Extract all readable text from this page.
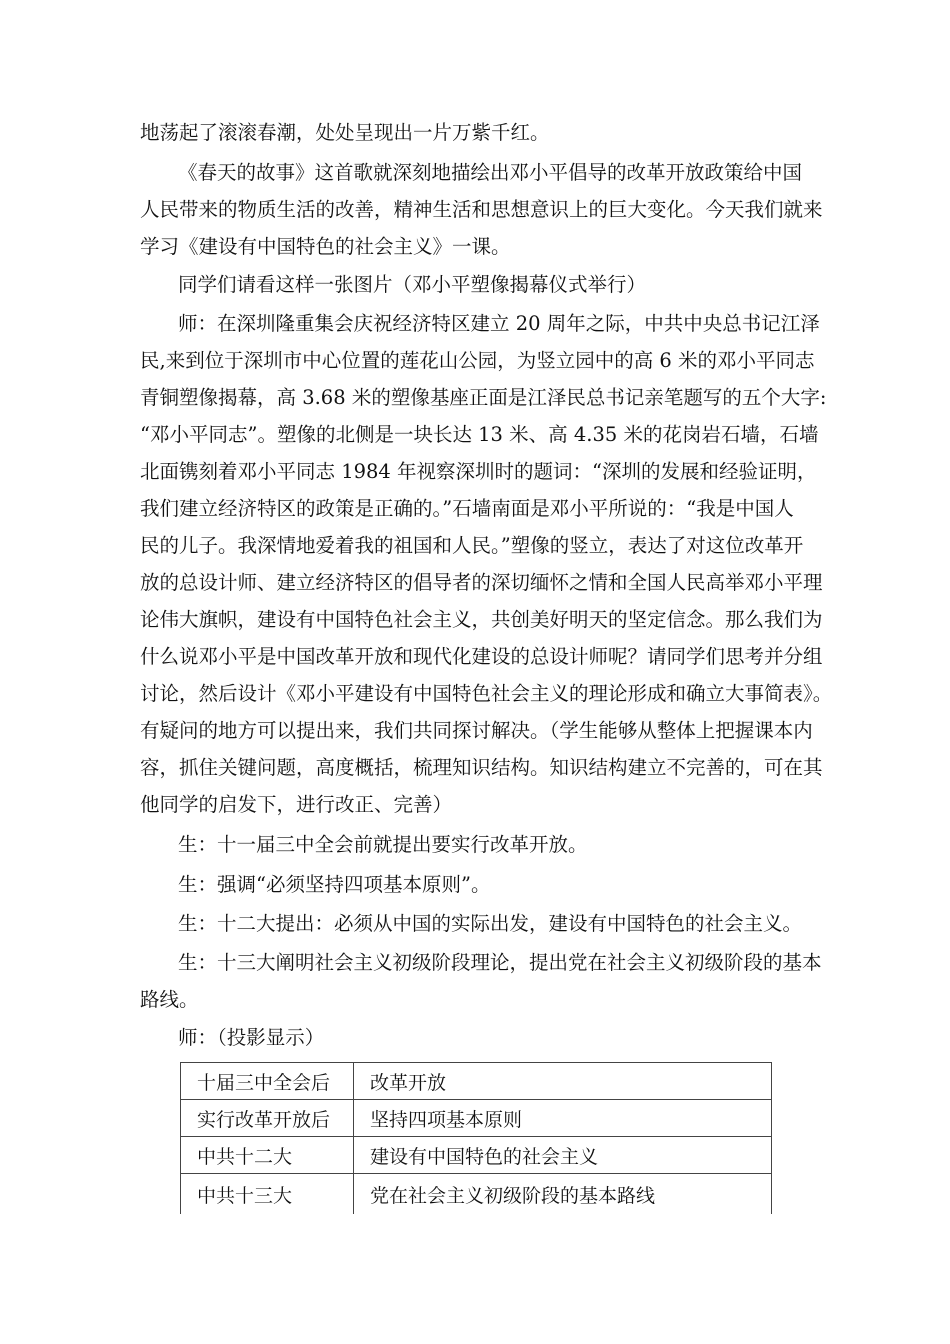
地荡起了滚滚春潮，处处呈现出一片万紫千红。
《春天的故事》这首歌就深刻地描绘出邓小平倡导的改革开放政策给中国
人民带来的物质生活的改善，精神生活和思想意识上的巨大变化。今天我们就来
学习《建设有中国特色的社会主义》一课。
同学们请看这样一张图片（邓小平塑像揭幕仪式举行）
师：在深圳隆重集会庆祝经济特区建立 20 周年之际，中共中央总书记江泽
民,来到位于深圳市中心位置的莲花山公园，为竖立园中的高 6 米的邓小平同志
青铜塑像揭幕，高 3.68 米的塑像基座正面是江泽民总书记亲笔题写的五个大字:
“邓小平同志”。塑像的北侧是一块长达 13 米、高 4.35 米的花岗岩石墙，石墙
北面镌刻着邓小平同志 1984 年视察深圳时的题词：“深圳的发展和经验证明，
我们建立经济特区的政策是正确的。”石墙南面是邓小平所说的：“我是中国人
民的儿子。我深情地爱着我的祖国和人民。”塑像的竖立，表达了对这位改革开
放的总设计师、建立经济特区的倡导者的深切缅怀之情和全国人民高举邓小平理
论伟大旗帜，建设有中国特色社会主义，共创美好明天的坚定信念。那么我们为
什么说邓小平是中国改革开放和现代化建设的总设计师呢？请同学们思考并分组
讨论，然后设计《邓小平建设有中国特色社会主义的理论形成和确立大事简表》。
有疑问的地方可以提出来，我们共同探讨解决。（学生能够从整体上把握课本内
容，抓住关键问题，高度概括，梳理知识结构。知识结构建立不完善的，可在其
他同学的启发下，进行改正、完善）
生：十一届三中全会前就提出要实行改革开放。
生：强调“必须坚持四项基本原则”。
生：十二大提出：必须从中国的实际出发，建设有中国特色的社会主义。
生：十三大阐明社会主义初级阶段理论，提出党在社会主义初级阶段的基本
路线。
师：（投影显示）
十届三中全会后	改革开放
实行改革开放后	坚持四项基本原则
中共十二大	建设有中国特色的社会主义
中共十三大	党在社会主义初级阶段的基本路线
